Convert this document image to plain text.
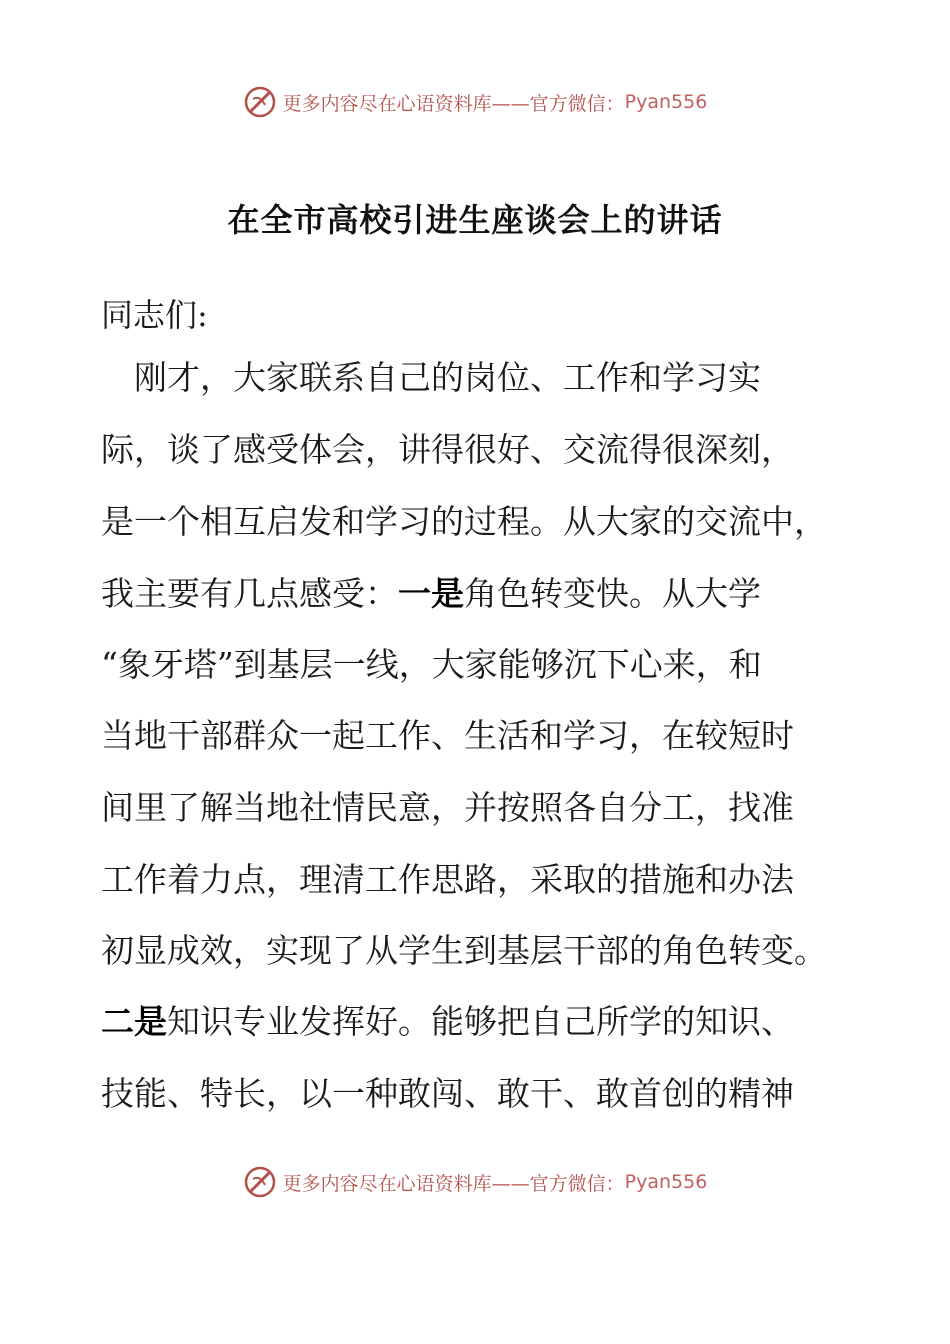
更多内容尽在心语资料库——官方微信： Pyan556
在全市高校引进生座谈会上的讲话
同志们:
　刚才，大家联系自己的岗位、工作和学习实
际，谈了感受体会，讲得很好、交流得很深刻，
是一个相互启发和学习的过程。从大家的交流中，
我主要有几点感受：一是角色转变快。从大学
“象牙塔”到基层一线，大家能够沉下心来，和
当地干部群众一起工作、生活和学习，在较短时
间里了解当地社情民意，并按照各自分工，找准
工作着力点，理清工作思路，采取的措施和办法
初显成效，实现了从学生到基层干部的角色转变。
二是知识专业发挥好。能够把自己所学的知识、
技能、特长，以一种敢闯、敢干、敢首创的精神
更多内容尽在心语资料库——官方微信： Pyan556
